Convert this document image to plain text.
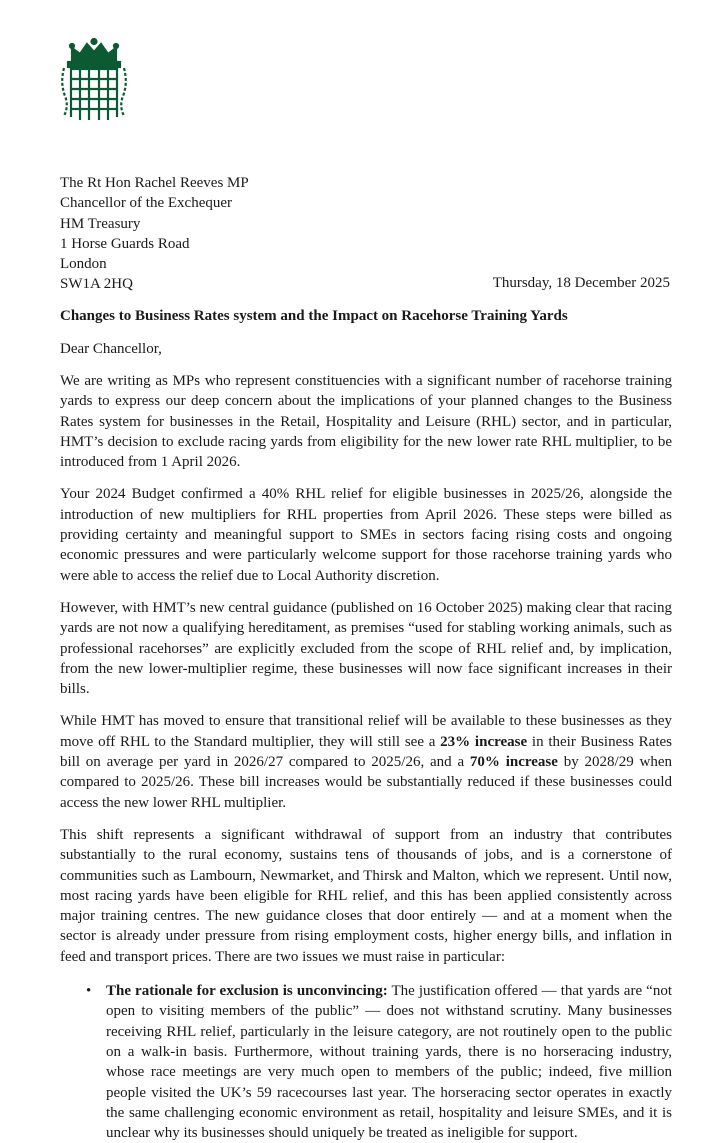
The Rt Hon Rachel Reeves MP
Chancellor of the Exchequer
HM Treasury
1 Horse Guards Road
London
SW1A 2HQ	Thursday, 18 December 2025
Changes to Business Rates system and the Impact on Racehorse Training Yards
Dear Chancellor,

We are writing as MPs who represent constituencies with a significant number of racehorse training yards to express our deep concern about the implications of your planned changes to the Business Rates system for businesses in the Retail, Hospitality and Leisure (RHL) sector, and in particular, HMT’s decision to exclude racing yards from eligibility for the new lower rate RHL multiplier, to be introduced from 1 April 2026.

Your 2024 Budget confirmed a 40% RHL relief for eligible businesses in 2025/26, alongside the introduction of new multipliers for RHL properties from April 2026. These steps were billed as providing certainty and meaningful support to SMEs in sectors facing rising costs and ongoing economic pressures and were particularly welcome support for those racehorse training yards who were able to access the relief due to Local Authority discretion.

However, with HMT’s new central guidance (published on 16 October 2025) making clear that racing yards are not now a qualifying hereditament, as premises “used for stabling working animals, such as professional racehorses” are explicitly excluded from the scope of RHL relief and, by implication, from the new lower-multiplier regime, these businesses will now face significant increases in their bills.

While HMT has moved to ensure that transitional relief will be available to these businesses as they move off RHL to the Standard multiplier, they will still see a 23% increase in their Business Rates bill on average per yard in 2026/27 compared to 2025/26, and a 70% increase by 2028/29 when compared to 2025/26. These bill increases would be substantially reduced if these businesses could access the new lower RHL multiplier.

This shift represents a significant withdrawal of support from an industry that contributes substantially to the rural economy, sustains tens of thousands of jobs, and is a cornerstone of communities such as Lambourn, Newmarket, and Thirsk and Malton, which we represent. Until now, most racing yards have been eligible for RHL relief, and this has been applied consistently across major training centres. The new guidance closes that door entirely — and at a moment when the sector is already under pressure from rising employment costs, higher energy bills, and inflation in feed and transport prices. There are two issues we must raise in particular:

• The rationale for exclusion is unconvincing: The justification offered — that yards are “not open to visiting members of the public” — does not withstand scrutiny. Many businesses receiving RHL relief, particularly in the leisure category, are not routinely open to the public on a walk-in basis. Furthermore, without training yards, there is no horseracing industry, whose race meetings are very much open to members of the public; indeed, five million people visited the UK’s 59 racecourses last year. The horseracing sector operates in exactly the same challenging economic environment as retail, hospitality and leisure SMEs, and it is unclear why its businesses should uniquely be treated as ineligible for support.
